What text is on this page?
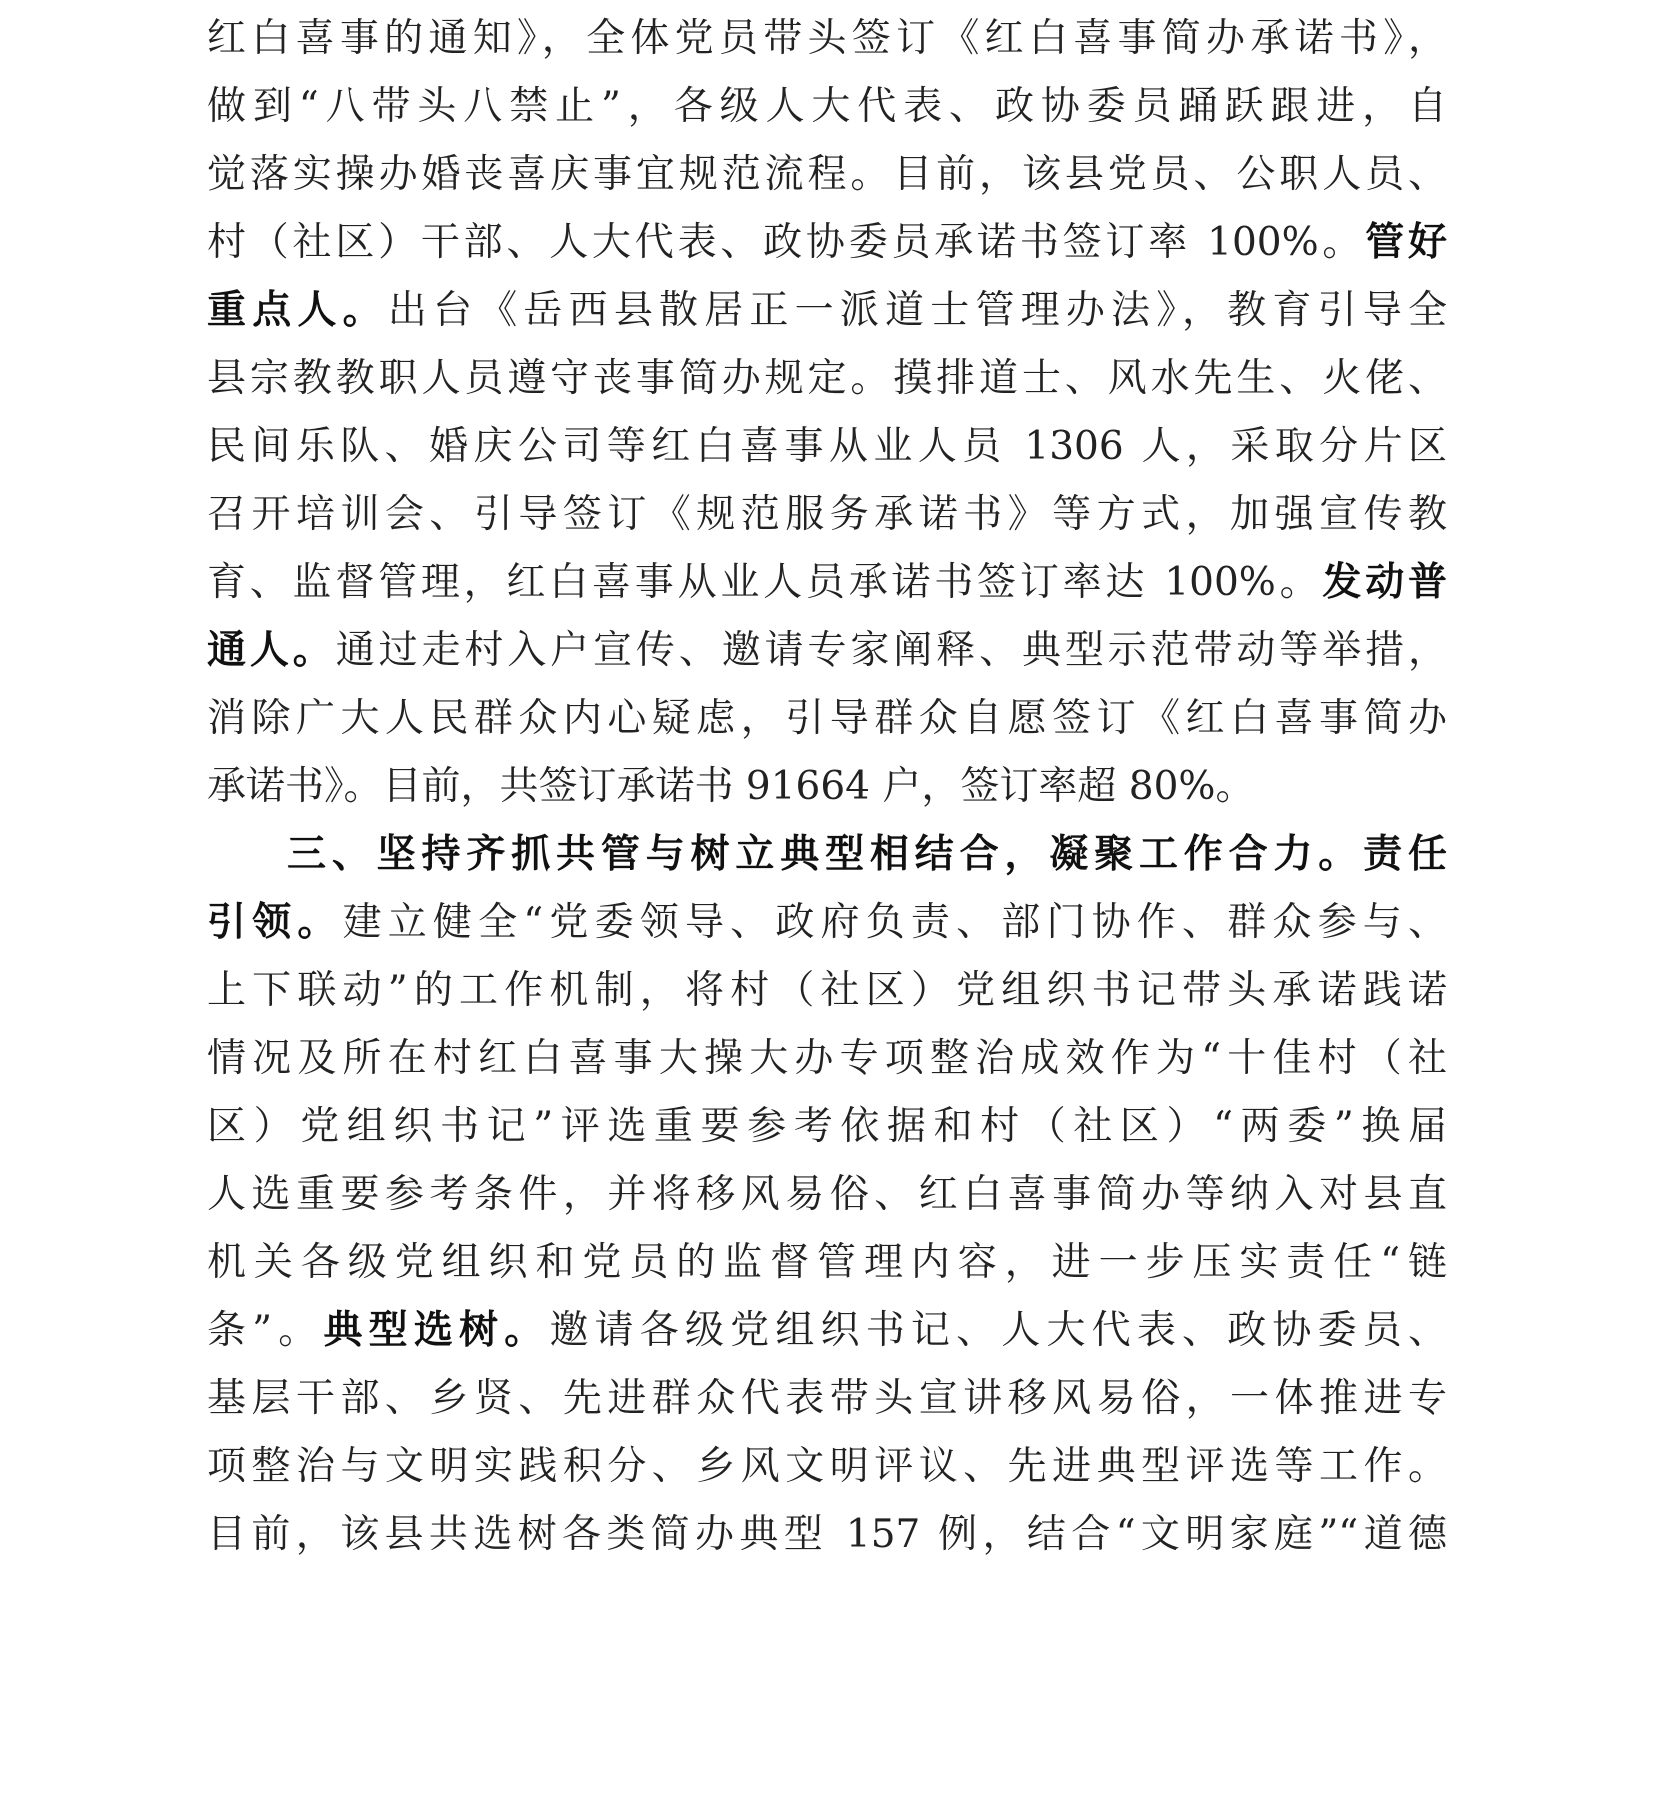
红白喜事的通知》，全体党员带头签订《红白喜事简办承诺书》，
做到“八带头八禁止”，各级人大代表、政协委员踊跃跟进，自
觉落实操办婚丧喜庆事宜规范流程。目前，该县党员、公职人员、
村（社区）干部、人大代表、政协委员承诺书签订率 100%。管好
重点人。出台《岳西县散居正一派道士管理办法》，教育引导全
县宗教教职人员遵守丧事简办规定。摸排道士、风水先生、火佬、
民间乐队、婚庆公司等红白喜事从业人员 1306 人，采取分片区
召开培训会、引导签订《规范服务承诺书》等方式，加强宣传教
育、监督管理，红白喜事从业人员承诺书签订率达 100%。发动普
通人。通过走村入户宣传、邀请专家阐释、典型示范带动等举措，
消除广大人民群众内心疑虑，引导群众自愿签订《红白喜事简办
承诺书》。目前，共签订承诺书 91664 户，签订率超 80%。
三、坚持齐抓共管与树立典型相结合，凝聚工作合力。责任
引领。建立健全“党委领导、政府负责、部门协作、群众参与、
上下联动”的工作机制，将村（社区）党组织书记带头承诺践诺
情况及所在村红白喜事大操大办专项整治成效作为“十佳村（社
区）党组织书记”评选重要参考依据和村（社区）“两委”换届
人选重要参考条件，并将移风易俗、红白喜事简办等纳入对县直
机关各级党组织和党员的监督管理内容，进一步压实责任“链
条”。典型选树。邀请各级党组织书记、人大代表、政协委员、
基层干部、乡贤、先进群众代表带头宣讲移风易俗，一体推进专
项整治与文明实践积分、乡风文明评议、先进典型评选等工作。
目前，该县共选树各类简办典型 157 例，结合“文明家庭”“道德
